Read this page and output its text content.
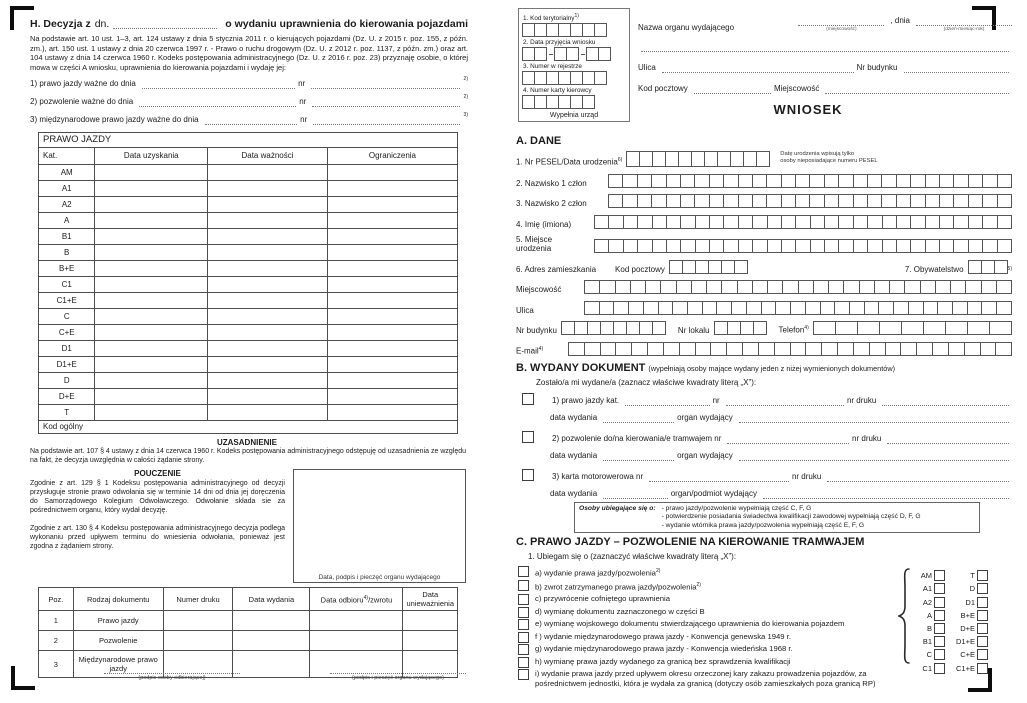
H. Decyzja z dn.	o wydaniu uprawnienia do kierowania pojazdami
Na podstawie art. 10 ust. 1–3, art. 124 ustawy z dnia 5 stycznia 2011 r. o kierujących pojazdami (Dz. U. z 2015 r. poz. 155, z późn. zm.), art. 150 ust. 1 ustawy z dnia 20 czerwca 1997 r. - Prawo o ruchu drogowym (Dz. U. z 2012 r. poz. 1137, z późn. zm.) oraz art. 104 ustawy z dnia 14 czerwca 1960 r. Kodeks postępowania administracyjnego (Dz. U. z 2016 r. poz. 23) przyznaję osobie, o której mowa w części A wniosku, uprawnienia do kierowania pojazdami i wydaję jej:
1) prawo jazdy ważne do dnia	nr	2)
2) pozwolenie ważne do dnia	nr	2)
3) międzynarodowe prawo jazdy ważne do dnia	nr	3)
PRAWO JAZDY			
Kat.	Data uzyskania	Data ważności	Ograniczenia
AM			
A1			
A2			
A			
B1			
B			
B+E			
C1			
C1+E			
C			
C+E			
D1			
D1+E			
D			
D+E			
T			
Kod ogólny			
UZASADNIENIE
Na podstawie art. 107 § 4 ustawy z dnia 14 czerwca 1960 r. Kodeks postępowania administracyjnego odstępuję od uzasadnienia ze względu na fakt, że decyzja uwzględnia w całości żądanie strony.
POUCZENIE
Zgodnie z art. 129 § 1 Kodeksu postępowania administracyjnego od decyzji przysługuje stronie prawo odwołania się w terminie 14 dni od dnia jej doręczenia do Samorządowego Kolegium Odwoławczego. Odwołanie składa sie za pośrednictwem organu, który wydał decyzję.
Zgodnie z art. 130 § 4 Kodeksu postępowania administracyjnego decyzja podlega wykonaniu przed upływem terminu do wniesienia odwołania, ponieważ jest zgodna z żądaniem strony.
Data, podpis i pieczęć organu wydającego
Poz.	Rodzaj dokumentu	Numer druku	Data wydania	Data odbioru$^{4)}$/zwrotu	Data unieważnienia
1	Prawo jazdy				
2	Pozwolenie				
3	Międzynarodowe prawo jazdy				
(podpis osoby odbierającej)	(podpis i pieczęć organu wydającego)
1. Kod terytorialny$^{1)}$
2. Data przyjęcia wniosku
3. Numer w rejestrze
4. Numer karty kierowcy
Wypełnia urząd
Nazwa organu wydającego	(miejscowość)
, dnia
(dzień-miesiąc-rok)
Ulica	Nr budynku
Kod pocztowy	Miejscowość
WNIOSEK
A. DANE
1. Nr PESEL/Data urodzenia$^{6)}$
Datę urodzenia wpisują tylko
osoby nieposiadające numeru PESEL
2. Nazwisko 1 człon
3. Nazwisko 2 człon
4. Imię (imiona)
5. Miejsce
urodzenia
6. Adres zamieszkania Kod pocztowy	7. Obywatelstwo	5)
Miejscowość
Ulica
Nr budynku	Nr lokalu	Telefon$^{4)}$
E-mail$^{4)}$
B. WYDANY DOKUMENT (wypełniają osoby mające wydany jeden z niżej wymienionych dokumentów)
Zostało/a mi wydane/a (zaznacz właściwe kwadraty literą „X”):
1) prawo jazdy kat.	nr	nr druku
data wydania	organ wydający
2) pozwolenie do/na kierowania/e tramwajem nr	nr druku
data wydania	organ wydający
3) karta motorowerowa nr	nr druku
data wydania	organ/podmiot wydający
Osoby ubiegające się o: - prawo jazdy/pozwolenie wypełniają część C, F, G
- potwierdzenie posiadania świadectwa kwalifikacji zawodowej wypełniają część D, F, G
- wydanie wtórnika prawa jazdy/pozwolenia wypełniają część E, F, G
C. PRAWO JAZDY – POZWOLENIE NA KIEROWANIE TRAMWAJEM
1. Ubiegam się o (zaznaczyć właściwe kwadraty literą „X”):
a) wydanie prawa jazdy/pozwolenia$^{2)}$
b) zwrot zatrzymanego prawa jazdy/pozwolenia$^{2)}$
c) przywrócenie cofniętego uprawnienia
d) wymianę dokumentu zaznaczonego w części B
e) wymianę wojskowego dokumentu stwierdzającego uprawnienia do kierowania pojazdem
f ) wydanie międzynarodowego prawa jazdy - Konwencja genewska 1949 r.
g) wydanie międzynarodowego prawa jazdy - Konwencja wiedeńska 1968 r.
h) wymianę prawa jazdy wydanego za granicą bez sprawdzenia kwalifikacji
i) wydanie prawa jazdy przed upływem okresu orzeczonej kary zakazu prowadzenia pojazdów, za pośrednictwem jednostki, która je wydała za granicą (dotyczy osób zamieszkałych poza granicą RP)
AM	T
A1	D
A2	D1
A	B+E
B	D+E
B1	D1+E
C	C+E
C1	C1+E
